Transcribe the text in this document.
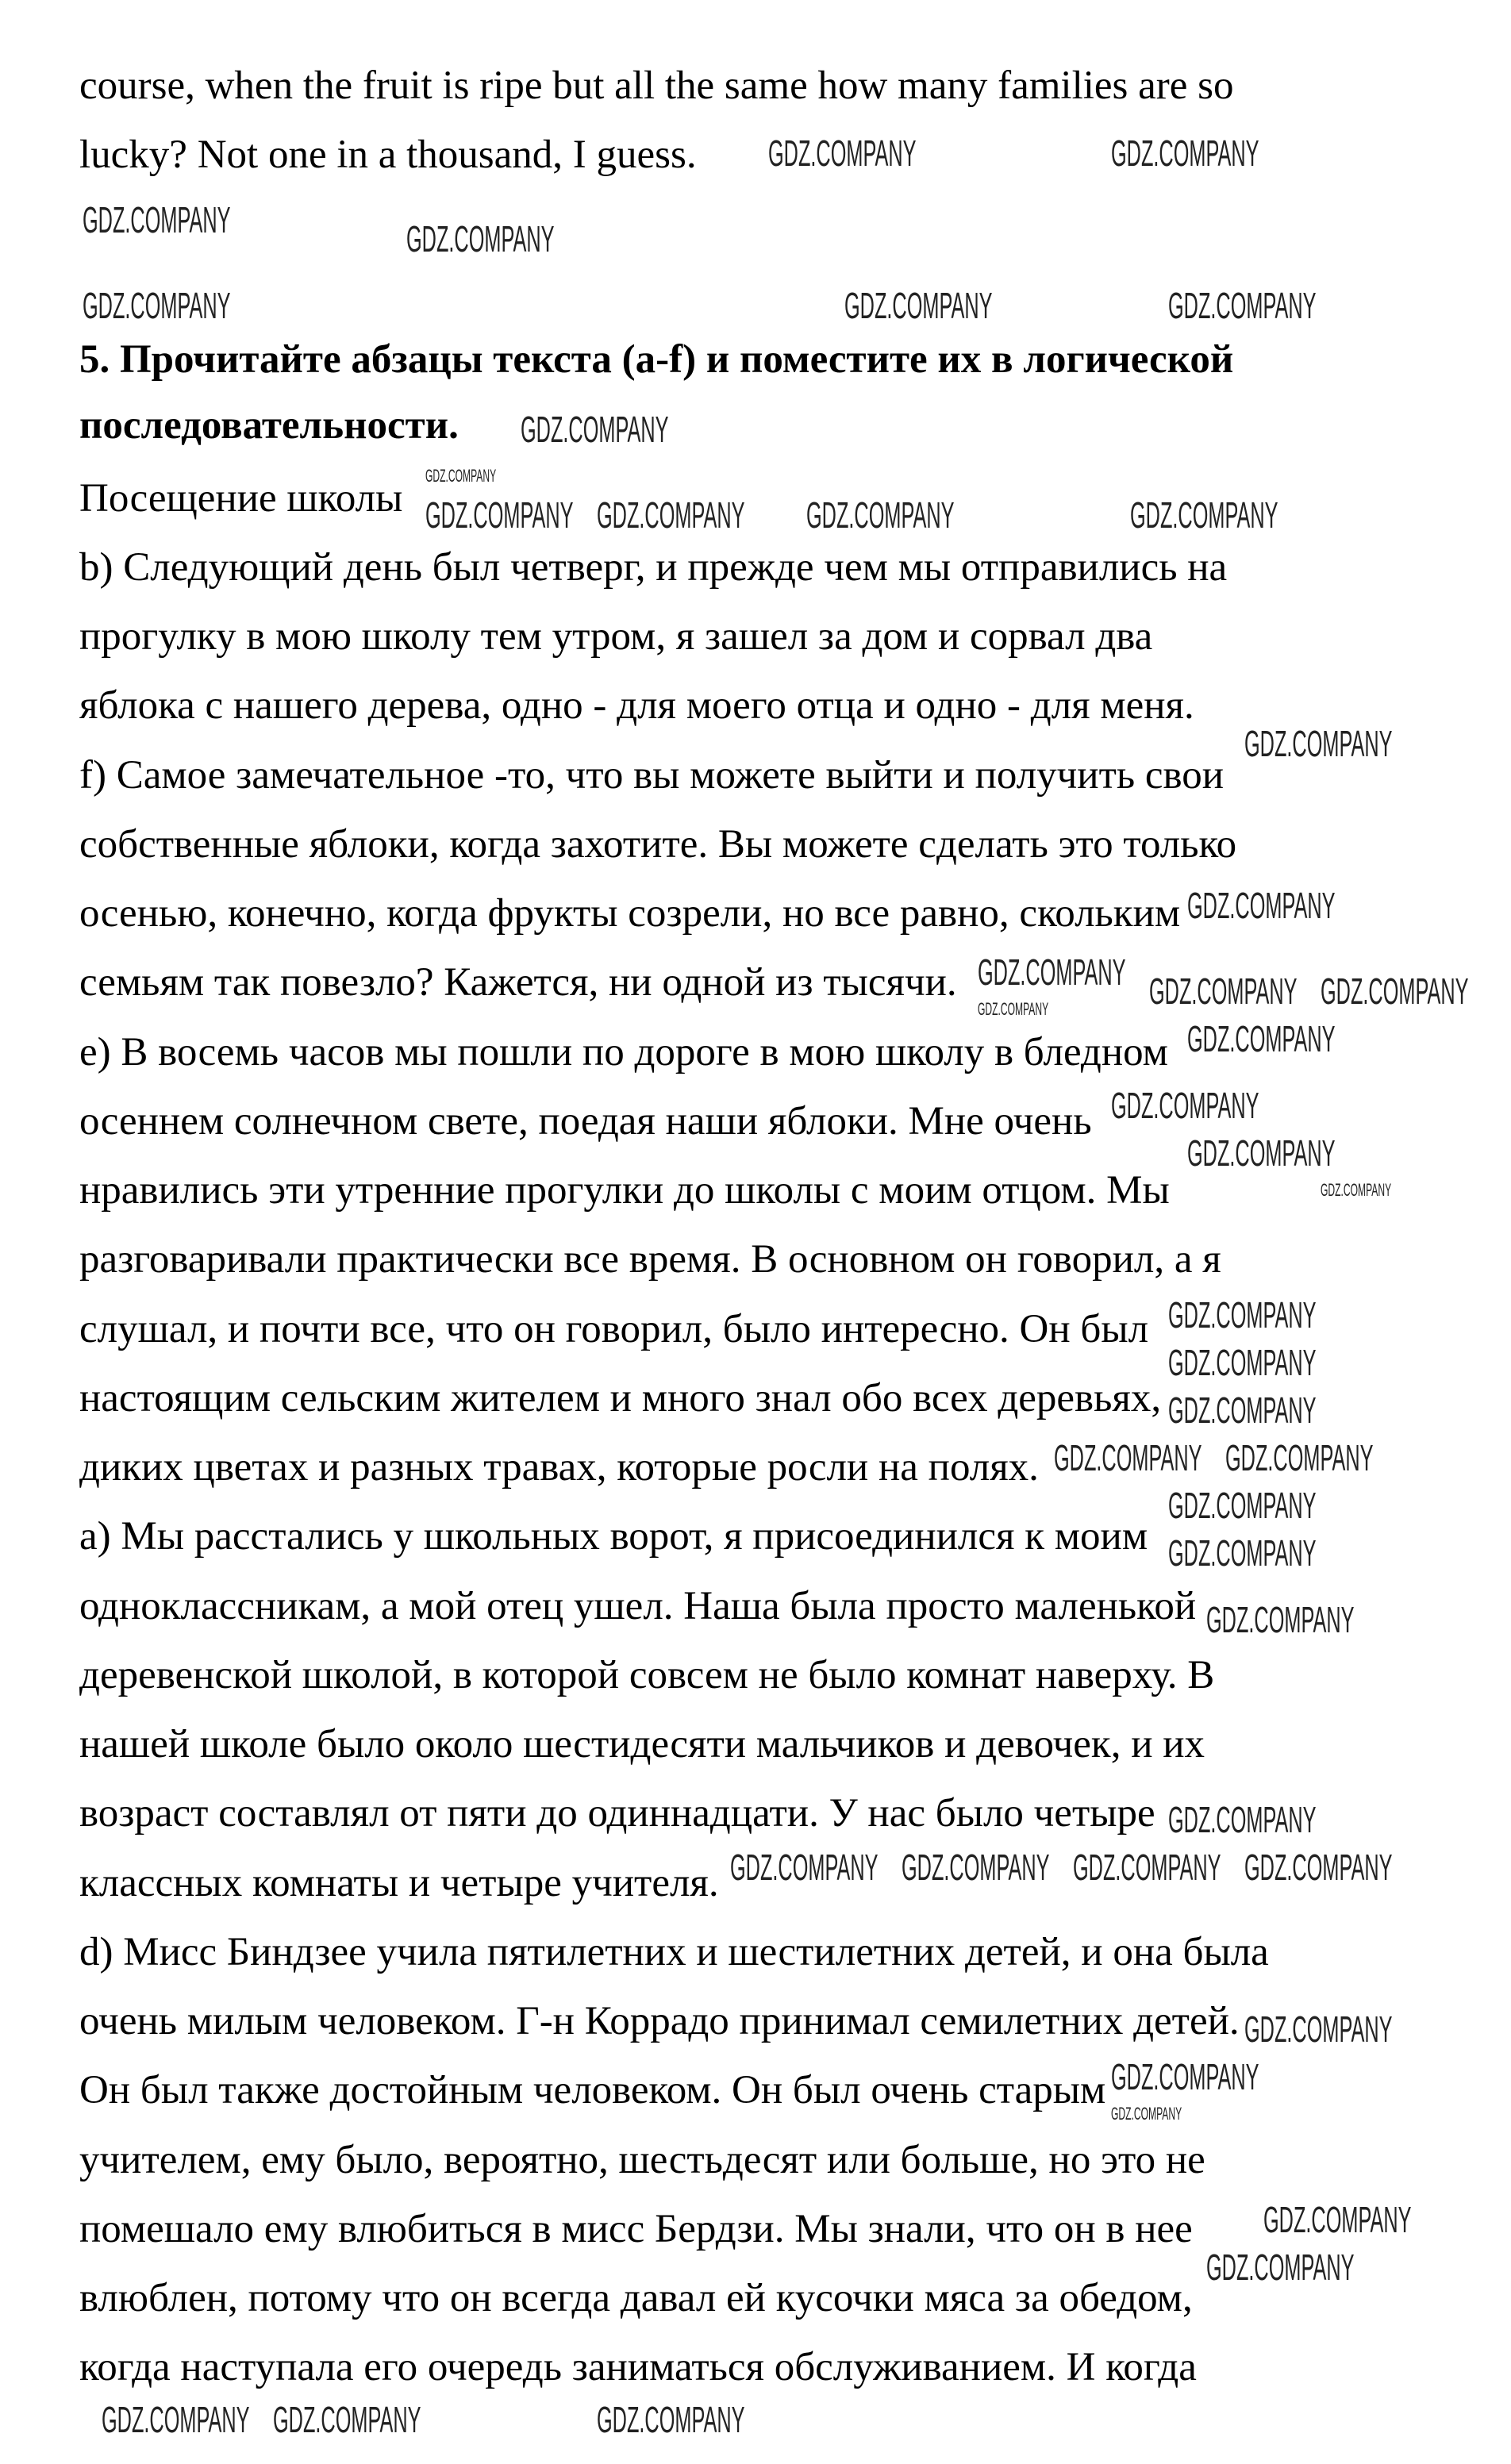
course, when the fruit is ripe but all the same how many families are so
lucky? Not one in a thousand, I guess.
5. Прочитайте абзацы текста (a-f) и поместите их в логической
последовательности.
Посещение школы
b) Следующий день был четверг, и прежде чем мы отправились на
прогулку в мою школу тем утром, я зашел за дом и сорвал два
яблока с нашего дерева, одно - для моего отца и одно - для меня.
f) Самое замечательное -то, что вы можете выйти и получить свои
собственные яблоки, когда захотите. Вы можете сделать это только
осенью, конечно, когда фрукты созрели, но все равно, скольким
семьям так повезло? Кажется, ни одной из тысячи.
e) В восемь часов мы пошли по дороге в мою школу в бледном
осеннем солнечном свете, поедая наши яблоки. Мне очень
нравились эти утренние прогулки до школы с моим отцом. Мы
разговаривали практически все время. В основном он говорил, а я
слушал, и почти все, что он говорил, было интересно. Он был
настоящим сельским жителем и много знал обо всех деревьях,
диких цветах и разных травах, которые росли на полях.
a) Мы расстались у школьных ворот, я присоединился к моим
одноклассникам, а мой отец ушел. Наша была просто маленькой
деревенской школой, в которой совсем не было комнат наверху. В
нашей школе было около шестидесяти мальчиков и девочек, и их
возраст составлял от пяти до одиннадцати. У нас было четыре
классных комнаты и четыре учителя.
d) Мисс Биндзее учила пятилетних и шестилетних детей, и она была
очень милым человеком. Г-н Коррадо принимал семилетних детей.
Он был также достойным человеком. Он был очень старым
учителем, ему было, вероятно, шестьдесят или больше, но это не
помешало ему влюбиться в мисс Бердзи. Мы знали, что он в нее
влюблен, потому что он всегда давал ей кусочки мяса за обедом,
когда наступала его очередь заниматься обслуживанием. И когда
GDZ.COMPANY	GDZ.COMPANY
GDZ.COMPANY	GDZ.COMPANY
GDZ.COMPANY	GDZ.COMPANY
GDZ.COMPANY
GDZ.COMPANY
GDZ.COMPANY
GDZ.COMPANY GDZ.COMPANY GDZ.COMPANY
GDZ.COMPANY
GDZ.COMPANY
GDZ.COMPANY
GDZ.COMPANY
GDZ.COMPANY
GDZ.COMPANY
GDZ.COMPANY
GDZ.COMPANY
GDZ.COMPANY
GDZ.COMPANY
GDZ.COMPANY
GDZ.COMPANY
GDZ.COMPANY
GDZ.COMPANY
GDZ.COMPANY
GDZ.COMPANY
GDZ.COMPANY
GDZ.COMPANY
GDZ.COMPANY
GDZ.COMPANY
GDZ.COMPANY GDZ.COMPANY
GDZ.COMPANY
GDZ.COMPANY
GDZ.COMPANY
GDZ.COMPANY
GDZ.COMPANY
GDZ.COMPANY
GDZ.COMPANY	GDZ.COMPANY
GDZ.COMPANY
GDZ.COMPANY
